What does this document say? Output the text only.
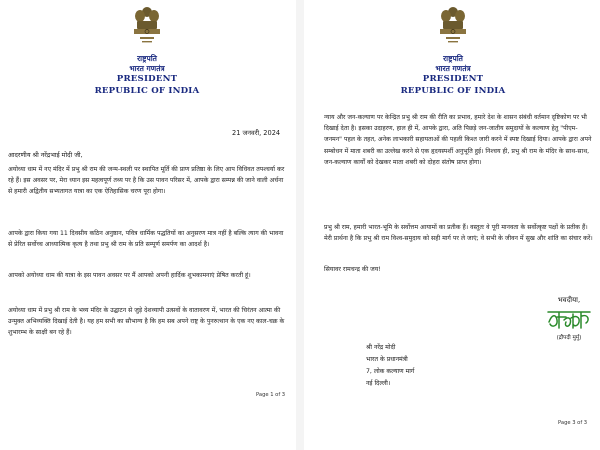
राष्ट्रपति
भारत गणतंत्र
PRESIDENT
REPUBLIC OF INDIA
21 जनवरी, 2024
आदरणीय श्री नरेंद्रभाई मोदी जी,
अयोध्या धाम में नए मंदिर में प्रभु श्री राम की जन्म-स्थली पर स्थापित मूर्ति की प्राण प्रतिष्ठा के लिए आप विधिवत तपश्चर्या कर रहे हैं। इस अवसर पर, मेरा ध्यान इस महत्वपूर्ण तथ्य पर है कि उस पावन परिसर में, आपके द्वारा सम्पन्न की जाने वाली अर्चना से हमारी अद्वितीय सभ्यतागत यात्रा का एक ऐतिहासिक चरण पूरा होगा।
आपके द्वारा किया गया 11 दिवसीय कठिन अनुष्ठान, पवित्र धार्मिक पद्धतियों का अनुसरण मात्र नहीं है बल्कि त्याग की भावना से प्रेरित सर्वोच्च आध्यात्मिक कृत्य है तथा प्रभु श्री राम के प्रति सम्पूर्ण समर्पण का आदर्श है।
आपको अयोध्या धाम की यात्रा के इस पावन अवसर पर मैं आपको अपनी हार्दिक शुभकामनाएं प्रेषित करती हूं।
अयोध्या धाम में प्रभु श्री राम के भव्य मंदिर के उद्घाटन से जुड़े देशव्यापी उत्सवों के वातावरण में, भारत की चिरंतन आत्मा की उन्मुक्त अभिव्यक्ति दिखाई देती है। यह हम सभी का सौभाग्य है कि हम सब अपने राष्ट्र के पुनरुत्थान के एक नए काल-चक्र के शुभारम्भ के साक्षी बन रहे हैं।
Page 1 of 3
राष्ट्रपति
भारत गणतंत्र
PRESIDENT
REPUBLIC OF INDIA
न्याय और जन-कल्याण पर केन्द्रित प्रभु श्री राम की रीति का प्रभाव, हमारे देश के शासन संबंधी वर्तमान दृष्टिकोण पर भी दिखाई देता है। इसका उदाहरण, हाल ही में, आपके द्वारा, अति पिछड़े जन-जातीय समुदायों के कल्याण हेतु "पीएम-जनमन" पहल के तहत, अनेक लाभकारी सहायताओं की पहली किश्त जारी करने में स्पष्ट दिखाई दिया। आपके द्वारा अपने सम्बोधन में माता शबरी का उल्लेख करने से एक हृदयस्पर्शी अनुभूति हुई। निश्चय ही, प्रभु श्री राम के मंदिर के साथ-साथ, जन-कल्याण कार्यों को देखकर माता शबरी को दोहरा संतोष प्राप्त होगा।
प्रभु श्री राम, हमारी भारत-भूमि के सर्वोत्तम आयामों का प्रतीक हैं। वस्तुतः वे पूरी मानवता के सर्वोत्कृष्ट पक्षों के प्रतीक हैं। मेरी प्रार्थना है कि प्रभु श्री राम विश्व-समुदाय को सही मार्ग पर ले जाएं; वे सभी के जीवन में सुख और शांति का संचार करें।
सियावर रामचन्द्र की जय!
भवदीया,
(द्रौपदी मुर्मु)
श्री नरेंद्र मोदी
भारत के प्रधानमंत्री
7, लोक कल्याण मार्ग
नई दिल्ली।
Page 3 of 3
